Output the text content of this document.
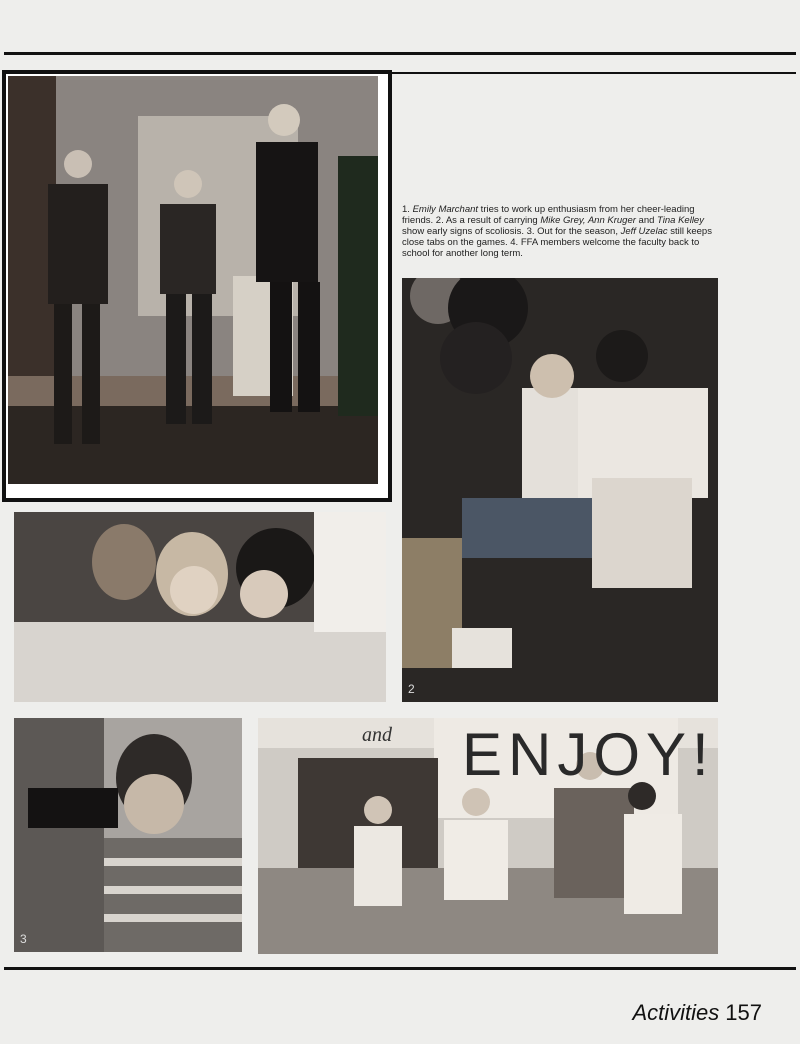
2
1. Emily Marchant tries to work up enthusiasm from her cheer-leading friends. 2. As a result of carrying Mike Grey, Ann Kruger and Tina Kelley show early signs of scoliosis. 3. Out for the season, Jeff Uzelac still keeps close tabs on the games. 4. FFA members welcome the faculty back to school for another long term.
3
and ENJOY!
Activities 157
